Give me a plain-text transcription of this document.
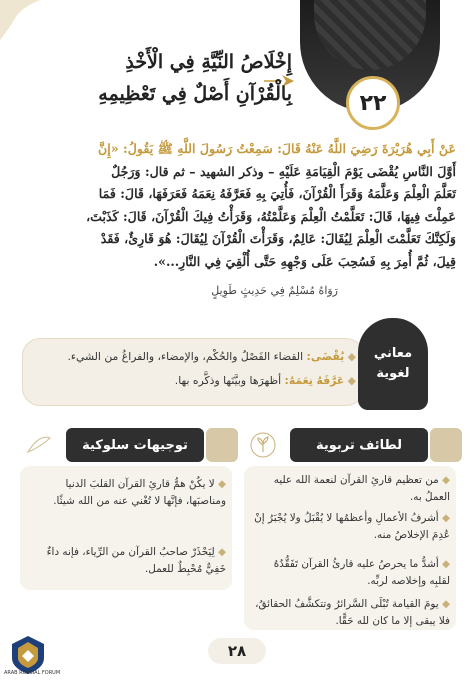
٢٢
إِخْلَاصُ النِّيَّةِ فِي الْأَخْذِ
بِالْقُرْآنِ أَصْلٌ فِي تَعْظِيمِهِ
عَنْ أَبِي هُرَيْرَةَ رَضِيَ اللَّهُ عَنْهُ قَالَ: سَمِعْتُ رَسُولَ اللَّهِ ﷺ يَقُولُ: «إِنَّ
أَوَّلَ النَّاسِ يُقْضَى يَوْمَ الْقِيَامَةِ عَلَيْهِ – وذكر الشهيد – ثم قال: وَرَجُلٌ
تَعَلَّمَ الْعِلْمَ وَعَلَّمَهُ وَقَرَأَ الْقُرْآنَ، فَأُتِيَ بِهِ فَعَرَّفَهُ نِعَمَهُ فَعَرَفَهَا، قَالَ: فَمَا
عَمِلْتَ فِيهَا، قَالَ: تَعَلَّمْتُ الْعِلْمَ وَعَلَّمْتُهُ، وَقَرَأْتُ فِيكَ الْقُرْآنَ، قَالَ: كَذَبْتَ،
وَلَكِنَّكَ تَعَلَّمْتَ الْعِلْمَ لِيُقَالَ: عَالِمٌ، وَقَرَأْتَ الْقُرْآنَ لِيُقَالَ: هُوَ قَارِئٌ، فَقَدْ
قِيلَ، ثُمَّ أُمِرَ بِهِ فَسُحِبَ عَلَى وَجْهِهِ حَتَّى أُلْقِيَ فِي النَّارِ...».
رَوَاهُ مُسْلِمٌ فِي حَدِيثٍ طَوِيلٍ
معاني
لغوية
◆ يُقْضَى: القضاء الفَصْلُ والحُكْم، والإمضاء، والفراغُ من الشيء.
◆ عَرَّفَهُ نِعَمَهُ: أظهرَها وبيَّنَها وذكَّره بها.
لطائف تربوية
◆ من تعظيم قارئِ القرآن لنعمة الله عليه العملُ به.
◆ أشرفُ الأعمالِ وأعظمُها لا يُقْبَلُ ولا يُجْبَرُ إنْ عُدِمَ الإخلاصُ منه.
◆ أشدُّ ما يحرصُ عليه قارئُ القرآن تَفَقُّدُهُ لقلبِه وإخلاصه لربِّه.
◆ يومَ القيامة تُبْلَى السَّرائرُ وتتكشَّفُ الحقائقُ، فلا يبقى إلا ما كان لله حَقًّا.
توجيهات سلوكية
◆ لا يكُنْ همُّ قارئِ القرآن القلبَ الدنيا ومناصبَها، فإنَّها لا تُغْني عنه من الله شيئًا.
◆ لِيَحْذَرْ صاحبُ القرآن من الرِّياء، فإنه داءٌ خَفِيٌّ مُحْبِطٌ للعمل.
٢٨
ARAB RUSSIAL FORUM
